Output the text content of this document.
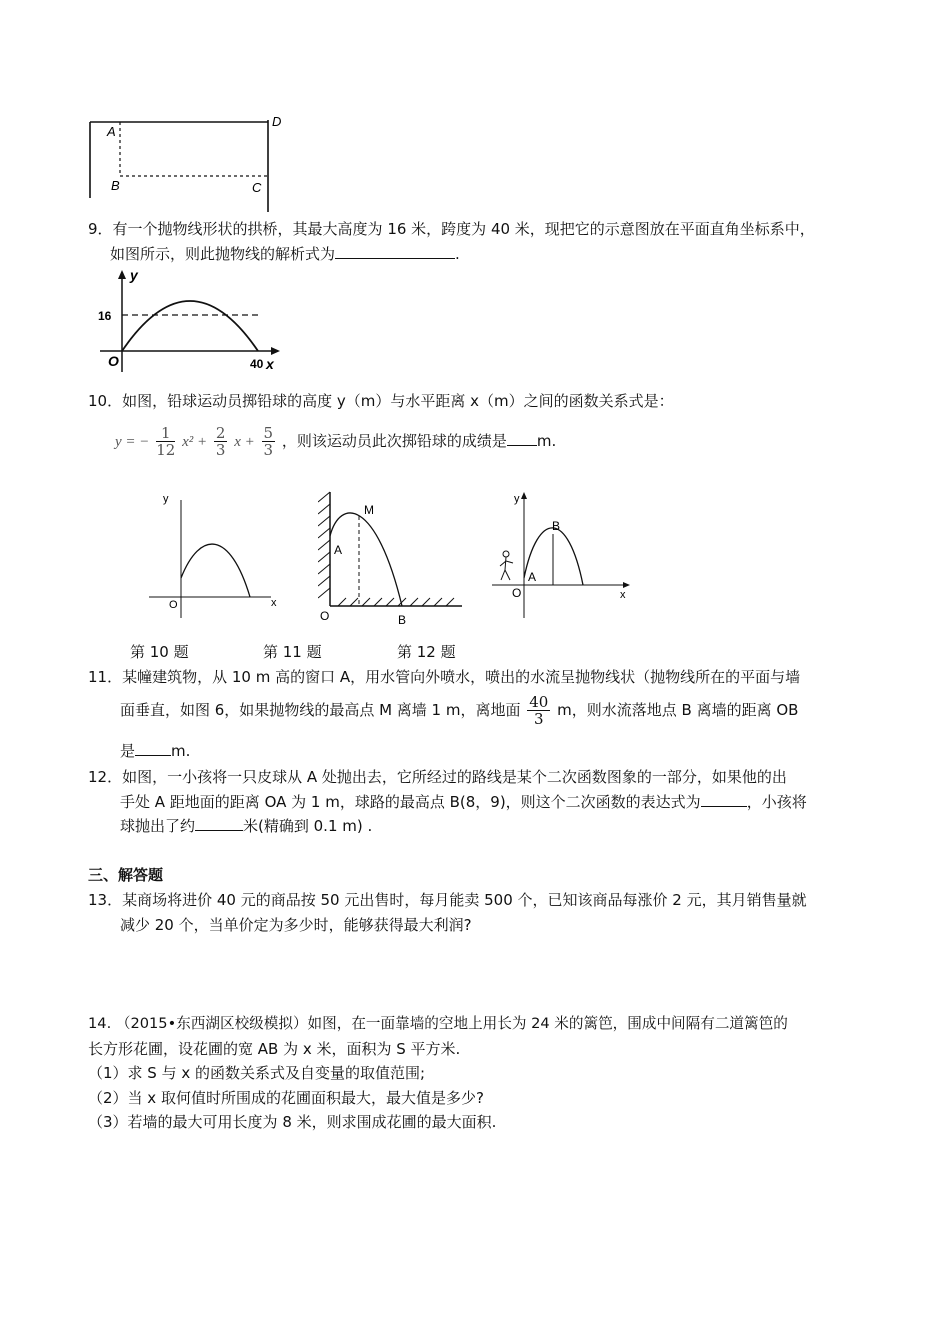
A
B	C
D
9．有一个抛物线形状的拱桥，其最大高度为 16 米，跨度为 40 米，现把它的示意图放在平面直角坐标系中，
如图所示，则此抛物线的解析式为	.
y
16
O	40 x
10．如图，铅球运动员掷铅球的高度 y（m）与水平距离 x（m）之间的函数关系式是：
y = − $\frac{1}{12} x^2 + \frac{2}{3}$ $x + \frac{5}{3}$ ，则该运动员此次掷铅球的成绩是 m.
y
O	x
M
A
O	B
y
O
A
B
x
第 10 题	第 11 题	第 12 题
11．某幢建筑物，从 10 m 高的窗口 A，用水管向外喷水，喷出的水流呈抛物线状（抛物线所在的平面与墙
面垂直，如图 6，如果抛物线的最高点 M 离墙 1 m，离地面 $\frac{40}{3}$ m，则水流落地点 B 离墙的距离 OB
是 m.
12．如图，一小孩将一只皮球从 A 处抛出去，它所经过的路线是某个二次函数图象的一部分，如果他的出
手处 A 距地面的距离 OA 为 1 m，球路的最高点 B(8，9)，则这个二次函数的表达式为	，小孩将
球抛出了约	米(精确到 0.1 m) .
三、解答题
13．某商场将进价 40 元的商品按 50 元出售时，每月能卖 500 个，已知该商品每涨价 2 元，其月销售量就
减少 20 个，当单价定为多少时，能够获得最大利润?
14. （2015•东西湖区校级模拟）如图，在一面靠墙的空地上用长为 24 米的篱笆，围成中间隔有二道篱笆的
长方形花圃，设花圃的宽 AB 为 x 米，面积为 S 平方米.
（1）求 S 与 x 的函数关系式及自变量的取值范围;
（2）当 x 取何值时所围成的花圃面积最大，最大值是多少?
（3）若墙的最大可用长度为 8 米，则求围成花圃的最大面积.
